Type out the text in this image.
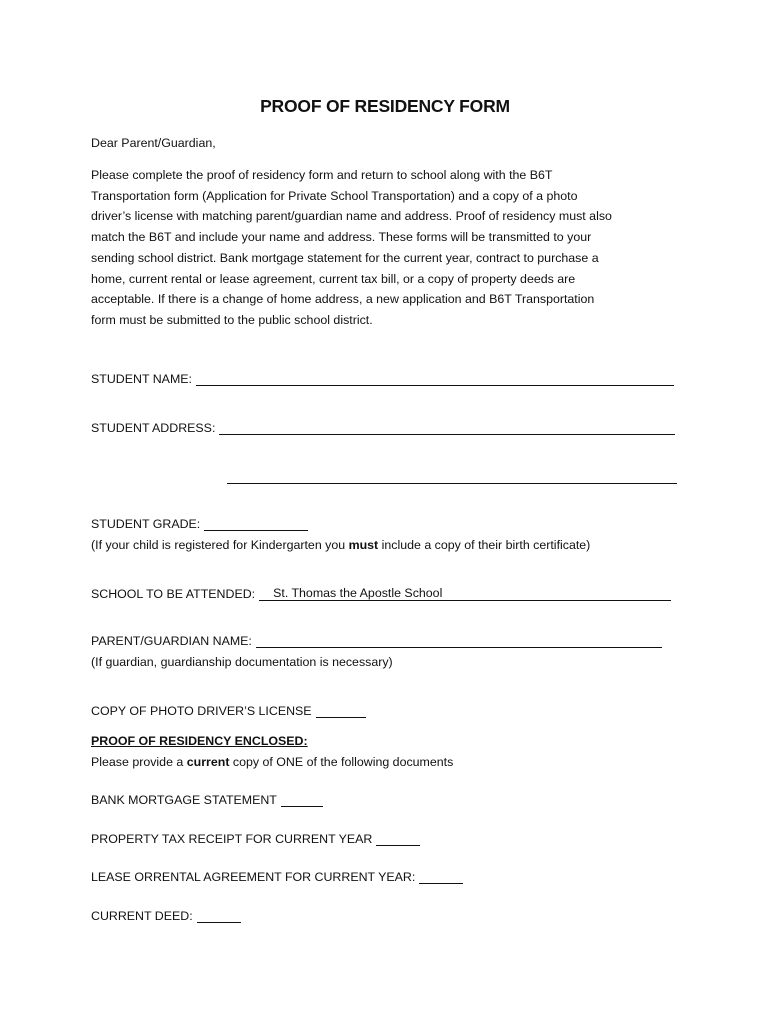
PROOF OF RESIDENCY FORM
Dear Parent/Guardian,
Please complete the proof of residency form and return to school along with the B6T
Transportation form (Application for Private School Transportation) and a copy of a photo
driver’s license with matching parent/guardian name and address. Proof of residency must also
match the B6T and include your name and address. These forms will be transmitted to your
sending school district. Bank mortgage statement for the current year, contract to purchase a
home, current rental or lease agreement, current tax bill, or a copy of property deeds are
acceptable. If there is a change of home address, a new application and B6T Transportation
form must be submitted to the public school district.
STUDENT NAME:
STUDENT ADDRESS:
STUDENT GRADE:
(If your child is registered for Kindergarten you must include a copy of their birth certificate)
SCHOOL TO BE ATTENDED:	St. Thomas the Apostle School
PARENT/GUARDIAN NAME:
(If guardian, guardianship documentation is necessary)
COPY OF PHOTO DRIVER’S LICENSE
PROOF OF RESIDENCY ENCLOSED:
Please provide a current copy of ONE of the following documents
BANK MORTGAGE STATEMENT
PROPERTY TAX RECEIPT FOR CURRENT YEAR
LEASE ORRENTAL AGREEMENT FOR CURRENT YEAR:
CURRENT DEED:
